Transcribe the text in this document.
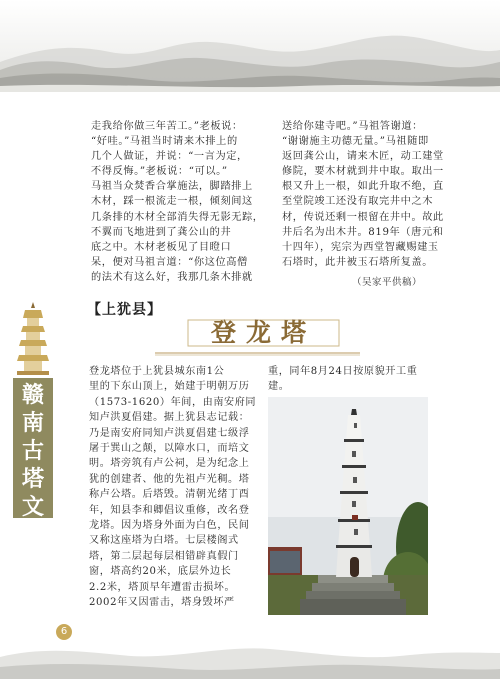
走我给你做三年苦工。”老板说：
“好哇。”马祖当时请来木排上的
几个人做证，并说：“一言为定，
不得反悔。”老板说：“可以。”
马祖当众焚香合掌施法，脚踏排上
木材，踩一根流走一根，倾刻间这
几条排的木材全部消失得无影无踪，
不翼而飞地进到了龚公山的井
底之中。木材老板见了目瞪口
呆，便对马祖言道：“你这位高僧
的法术有这么好，我那几条木排就
送给你建寺吧。”马祖答谢道：
“谢谢施主功德无量。”马祖随即
返回龚公山，请来木匠，动工建堂
修院，要木材就到井中取。取出一
根又升上一根，如此升取不绝，直
至堂院竣工还没有取完井中之木
材，传说还剩一根留在井中。故此
井后名为出木井。819年（唐元和
十四年），宪宗为西堂智藏赐建玉
石塔时，此井被玉石塔所复盖。
（吴家平供稿）
【上犹县】
登龙塔
登龙塔位于上犹县城东南1公
里的下东山顶上，始建于明朝万历
（1573-1620）年间，由南安府同
知卢洪夏倡建。据上犹县志记载：
乃是南安府同知卢洪夏倡建七级浮
屠于巽山之颠，以障水口，而培文
明。塔旁筑有卢公祠，是为纪念上
犹的创建者、他的先祖卢光稠。塔
称卢公塔。后塔毁。清朝光绪丁酉
年，知县李和卿倡议重修，改名登
龙塔。因为塔身外面为白色，民间
又称这座塔为白塔。七层楼阁式
塔，第二层起每层相错辟真假门
窗，塔高约20米，底层外边长
2.2米，塔顶早年遭雷击损坏。
2002年又因雷击，塔身毁坏严
重，同年8月24日按原貌开工重
建。
赣
南
古
塔
文
6
